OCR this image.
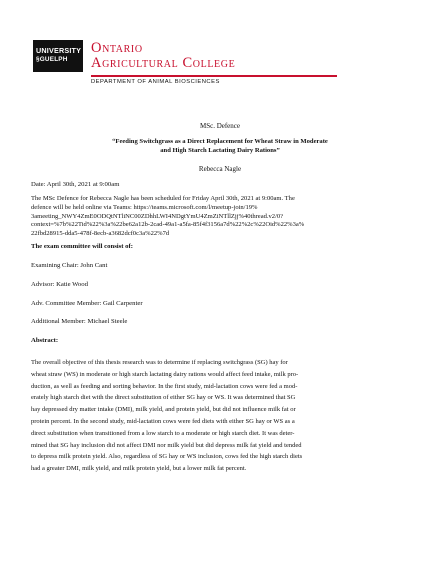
UNIVERSITY
§GUELPH
Ontario
Agricultural College
DEPARTMENT OF ANIMAL BIOSCIENCES
MSc. Defence
“Feeding Switchgrass as a Direct Replacement for Wheat Straw in Moderate
and High Starch Lactating Dairy Rations”
Rebecca Nagle
Date: April 30th, 2021 at 9:00am
The MSc Defence for Rebecca Nagle has been scheduled for Friday April 30th, 2021 at 9:00am. The
defence will be held online via Teams: https://teams.microsoft.com/l/meetup-join/19%
3ameeting_NWY4ZmE0ODQtNTliNC00ZDhhLWI4NDgtYmU4ZmZiNTllZjj%40thread.v2/0?
context=%7b%22Tid%22%3a%22be62a12b-2cad-49a1-a5fa-85f4f3156a7d%22%2c%22Oid%22%3a%
22fbd28915-dda5-478f-8ecb-a3682dcf0c3a%22%7d
The exam committee will consist of:
Examining Chair: John Cant
Advisor: Katie Wood
Adv. Committee Member: Gail Carpenter
Additional Member: Michael Steele
Abstract:
The overall objective of this thesis research was to determine if replacing switchgrass (SG) hay for
wheat straw (WS) in moderate or high starch lactating dairy rations would affect feed intake, milk pro-
duction, as well as feeding and sorting behavior. In the first study, mid-lactation cows were fed a mod-
erately high starch diet with the direct substitution of either SG hay or WS. It was determined that SG
hay depressed dry matter intake (DMI), milk yield, and protein yield, but did not influence milk fat or
protein percent. In the second study, mid-lactation cows were fed diets with either SG hay or WS as a
direct substitution when transitioned from a low starch to a moderate or high starch diet. It was deter-
mined that SG hay inclusion did not affect DMI nor milk yield but did depress milk fat yield and tended
to depress milk protein yield. Also, regardless of SG hay or WS inclusion, cows fed the high starch diets
had a greater DMI, milk yield, and milk protein yield, but a lower milk fat percent.
